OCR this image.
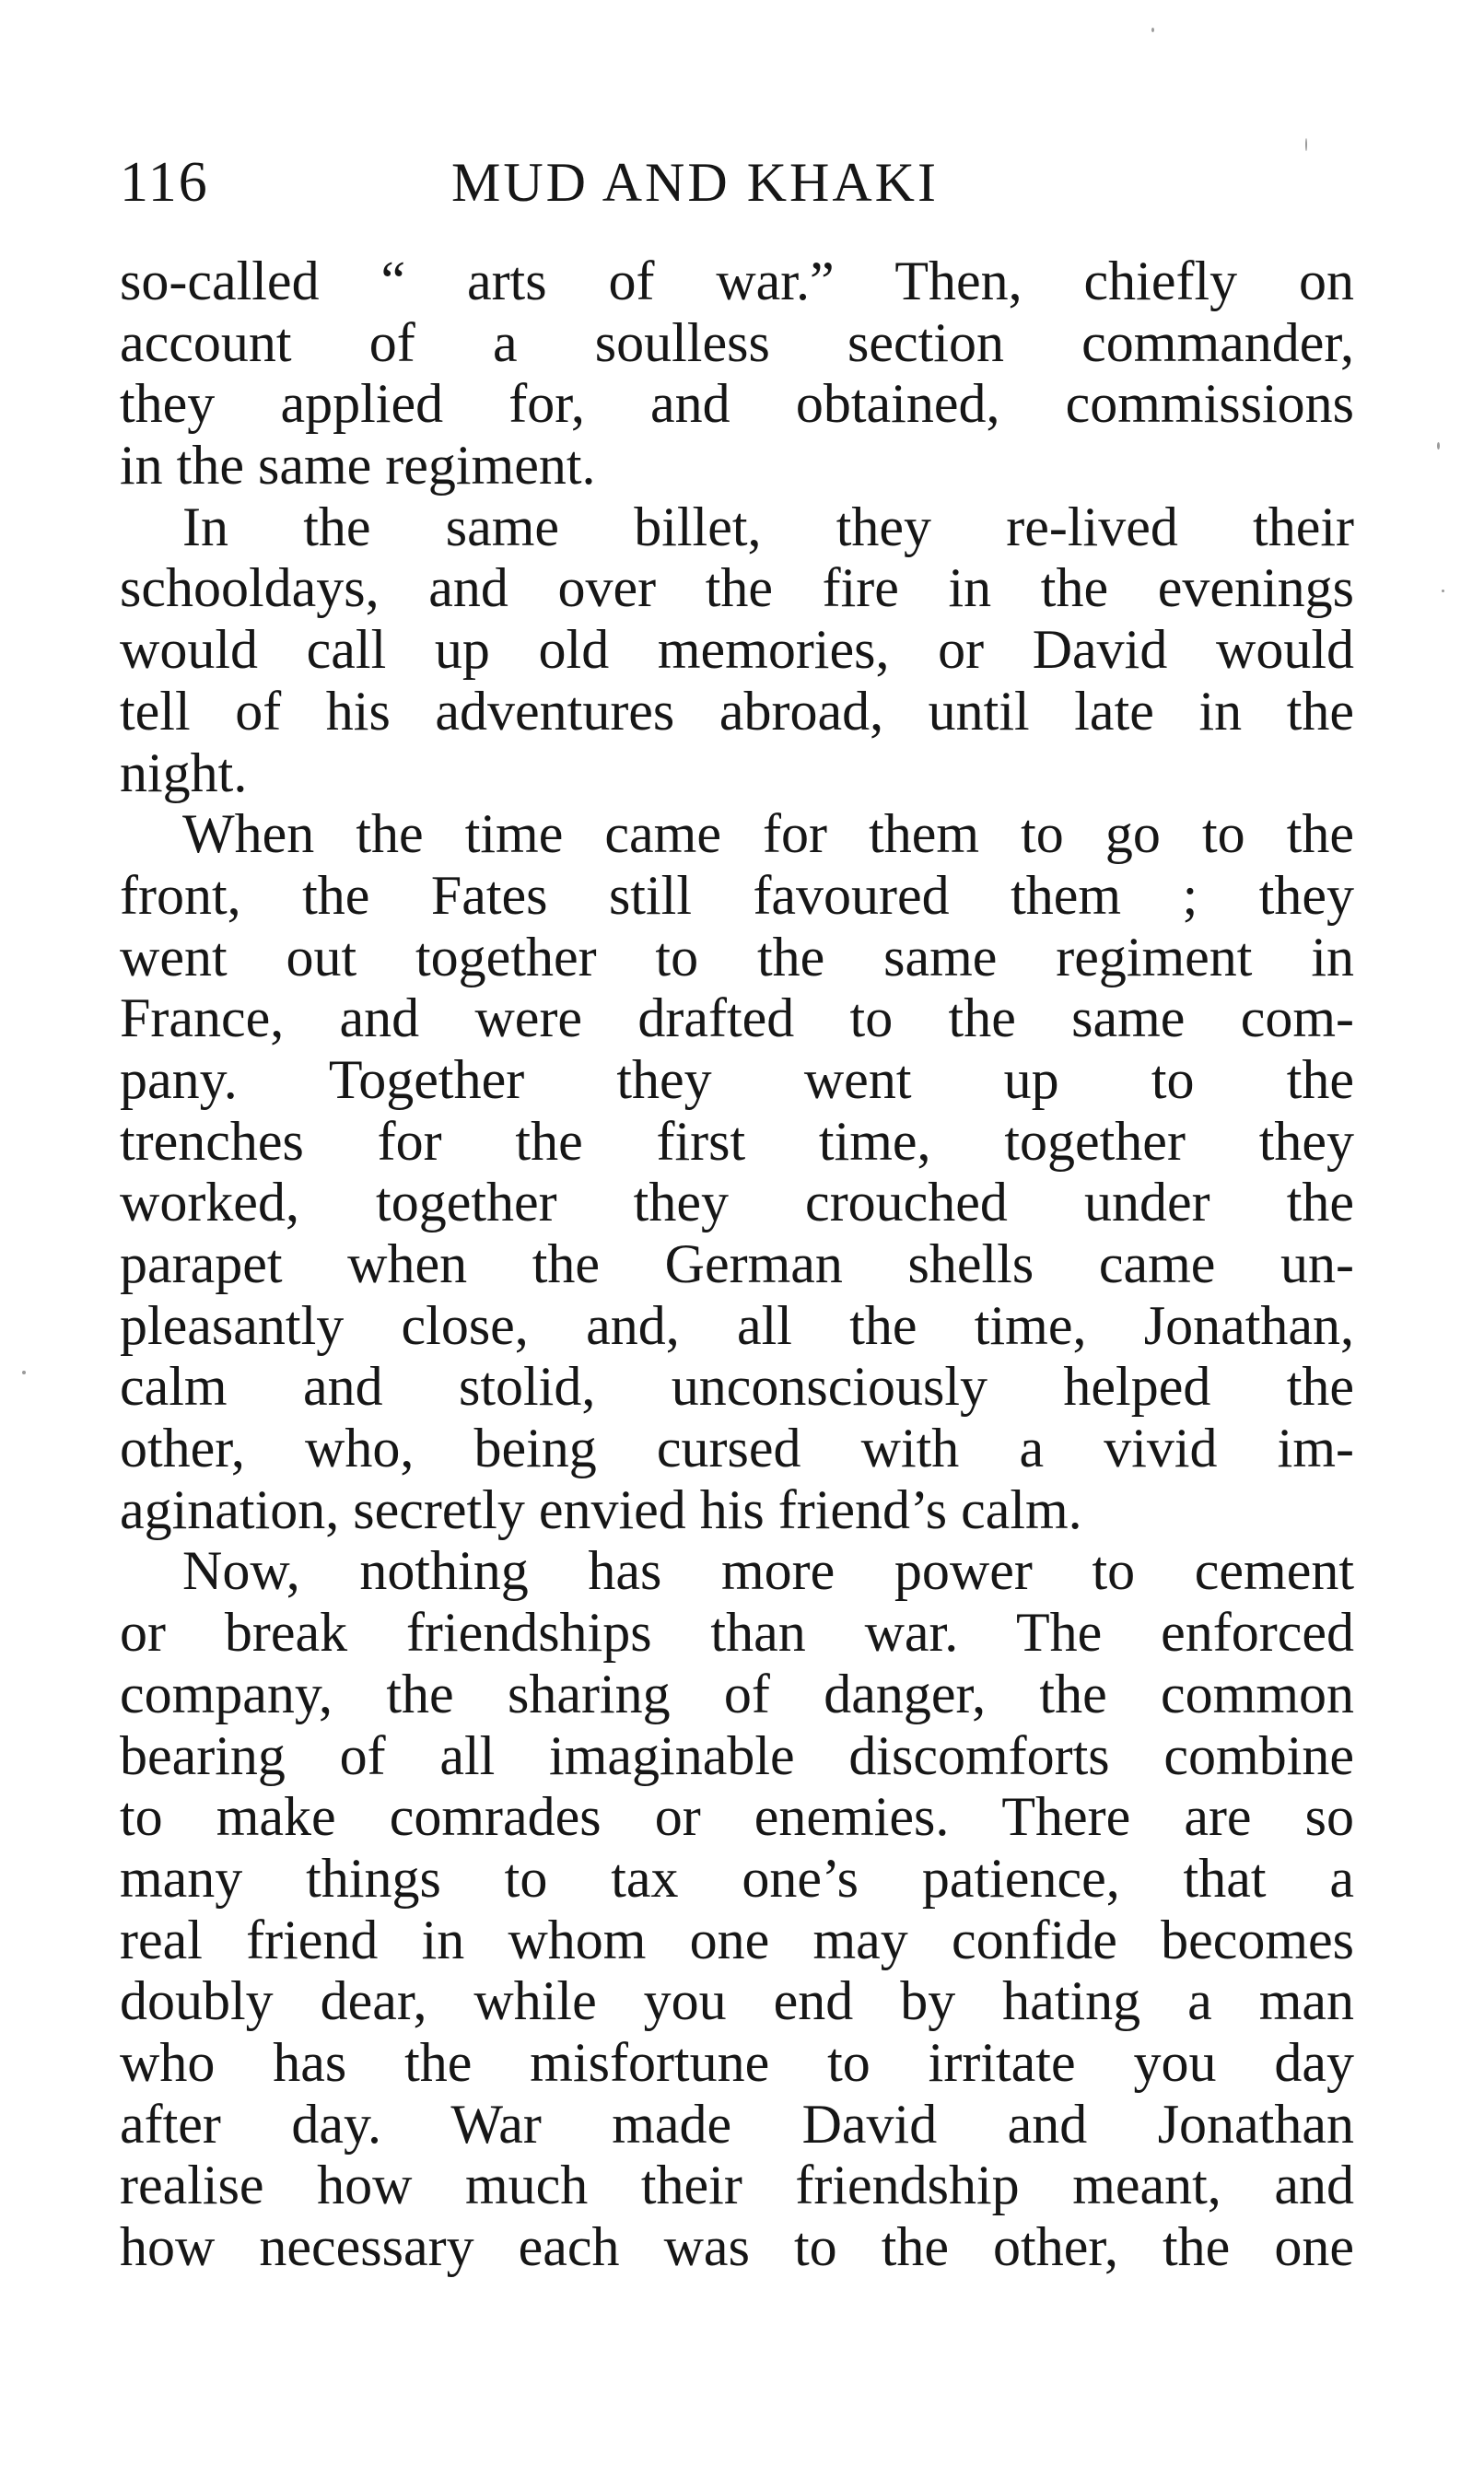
116	MUD AND KHAKI
so-called “ arts of war.” Then, chiefly on
account of a soulless section commander,
they applied for, and obtained, commissions
in the same regiment.
In the same billet, they re-lived their
schooldays, and over the fire in the evenings
would call up old memories, or David would
tell of his adventures abroad, until late in the
night.
When the time came for them to go to the
front, the Fates still favoured them ; they
went out together to the same regiment in
France, and were drafted to the same com-
pany. Together they went up to the
trenches for the first time, together they
worked, together they crouched under the
parapet when the German shells came un-
pleasantly close, and, all the time, Jonathan,
calm and stolid, unconsciously helped the
other, who, being cursed with a vivid im-
agination, secretly envied his friend’s calm.
Now, nothing has more power to cement
or break friendships than war. The enforced
company, the sharing of danger, the common
bearing of all imaginable discomforts combine
to make comrades or enemies. There are so
many things to tax one’s patience, that a
real friend in whom one may confide becomes
doubly dear, while you end by hating a man
who has the misfortune to irritate you day
after day. War made David and Jonathan
realise how much their friendship meant, and
how necessary each was to the other, the one
